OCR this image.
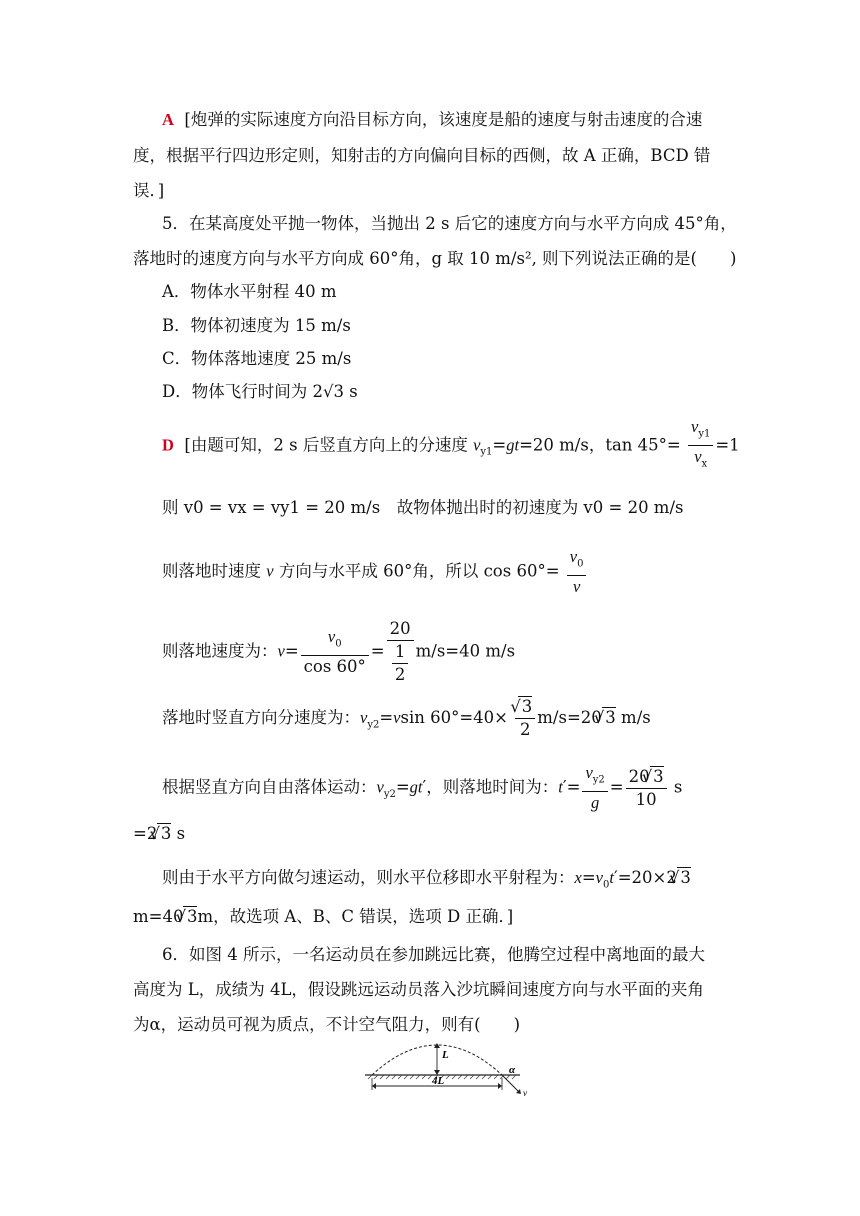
A [炮弹的实际速度方向沿目标方向，该速度是船的速度与射击速度的合速
度，根据平行四边形定则，知射击的方向偏向目标的西侧，故 A 正确，BCD 错
误．]
5．在某高度处平抛一物体，当抛出 2 s 后它的速度方向与水平方向成 45°角，
落地时的速度方向与水平方向成 60°角，g 取 10 m/s², 则下列说法正确的是(　　)
A．物体水平射程 40 m
B．物体初速度为 15 m/s
C．物体落地速度 25 m/s
D．物体飞行时间为 2√3 s
D [由题可知，2 s 后竖直方向上的分速度 $v_{y1}=gt=20$ m/s，$\tan 45^\circ= \frac{v_{y1}}{v_x} =1$
则 v0 = vx = vy1 = 20 m/s　故物体抛出时的初速度为 v0 = 20 m/s
则落地时速度 v 方向与水平成 60°角，所以 $\cos 60^\circ= \frac{v_0}{v}$
则落地速度为：$v= \frac{v_0}{\cos 60^\circ} = \frac{20}{\frac{1}{2}} m/s=40$ m/s
落地时竖直方向分速度为：$v_{y2}=vsin$ 60°=40×
√ $\frac{3}{2} m/s=20√$ 3 m/s
根据竖直方向自由落体运动：$v_{y2}=gt'$，则落地时间为：$t'= \frac{v_{y2}}{g} = \frac{20√ 3}{10}$ s
=2√ 3 s
则由于水平方向做匀速运动，则水平位移即水平射程为：$x=v_0t'=20\times 2√$ 3
m=40√ 3m，故选项 A、B、C 错误，选项 D 正确．]
6．如图 4 所示，一名运动员在参加跳远比赛，他腾空过程中离地面的最大
高度为 L，成绩为 4L，假设跳远运动员落入沙坑瞬间速度方向与水平面的夹角
为α，运动员可视为质点，不计空气阻力，则有(　　)
L
4L
α
v
